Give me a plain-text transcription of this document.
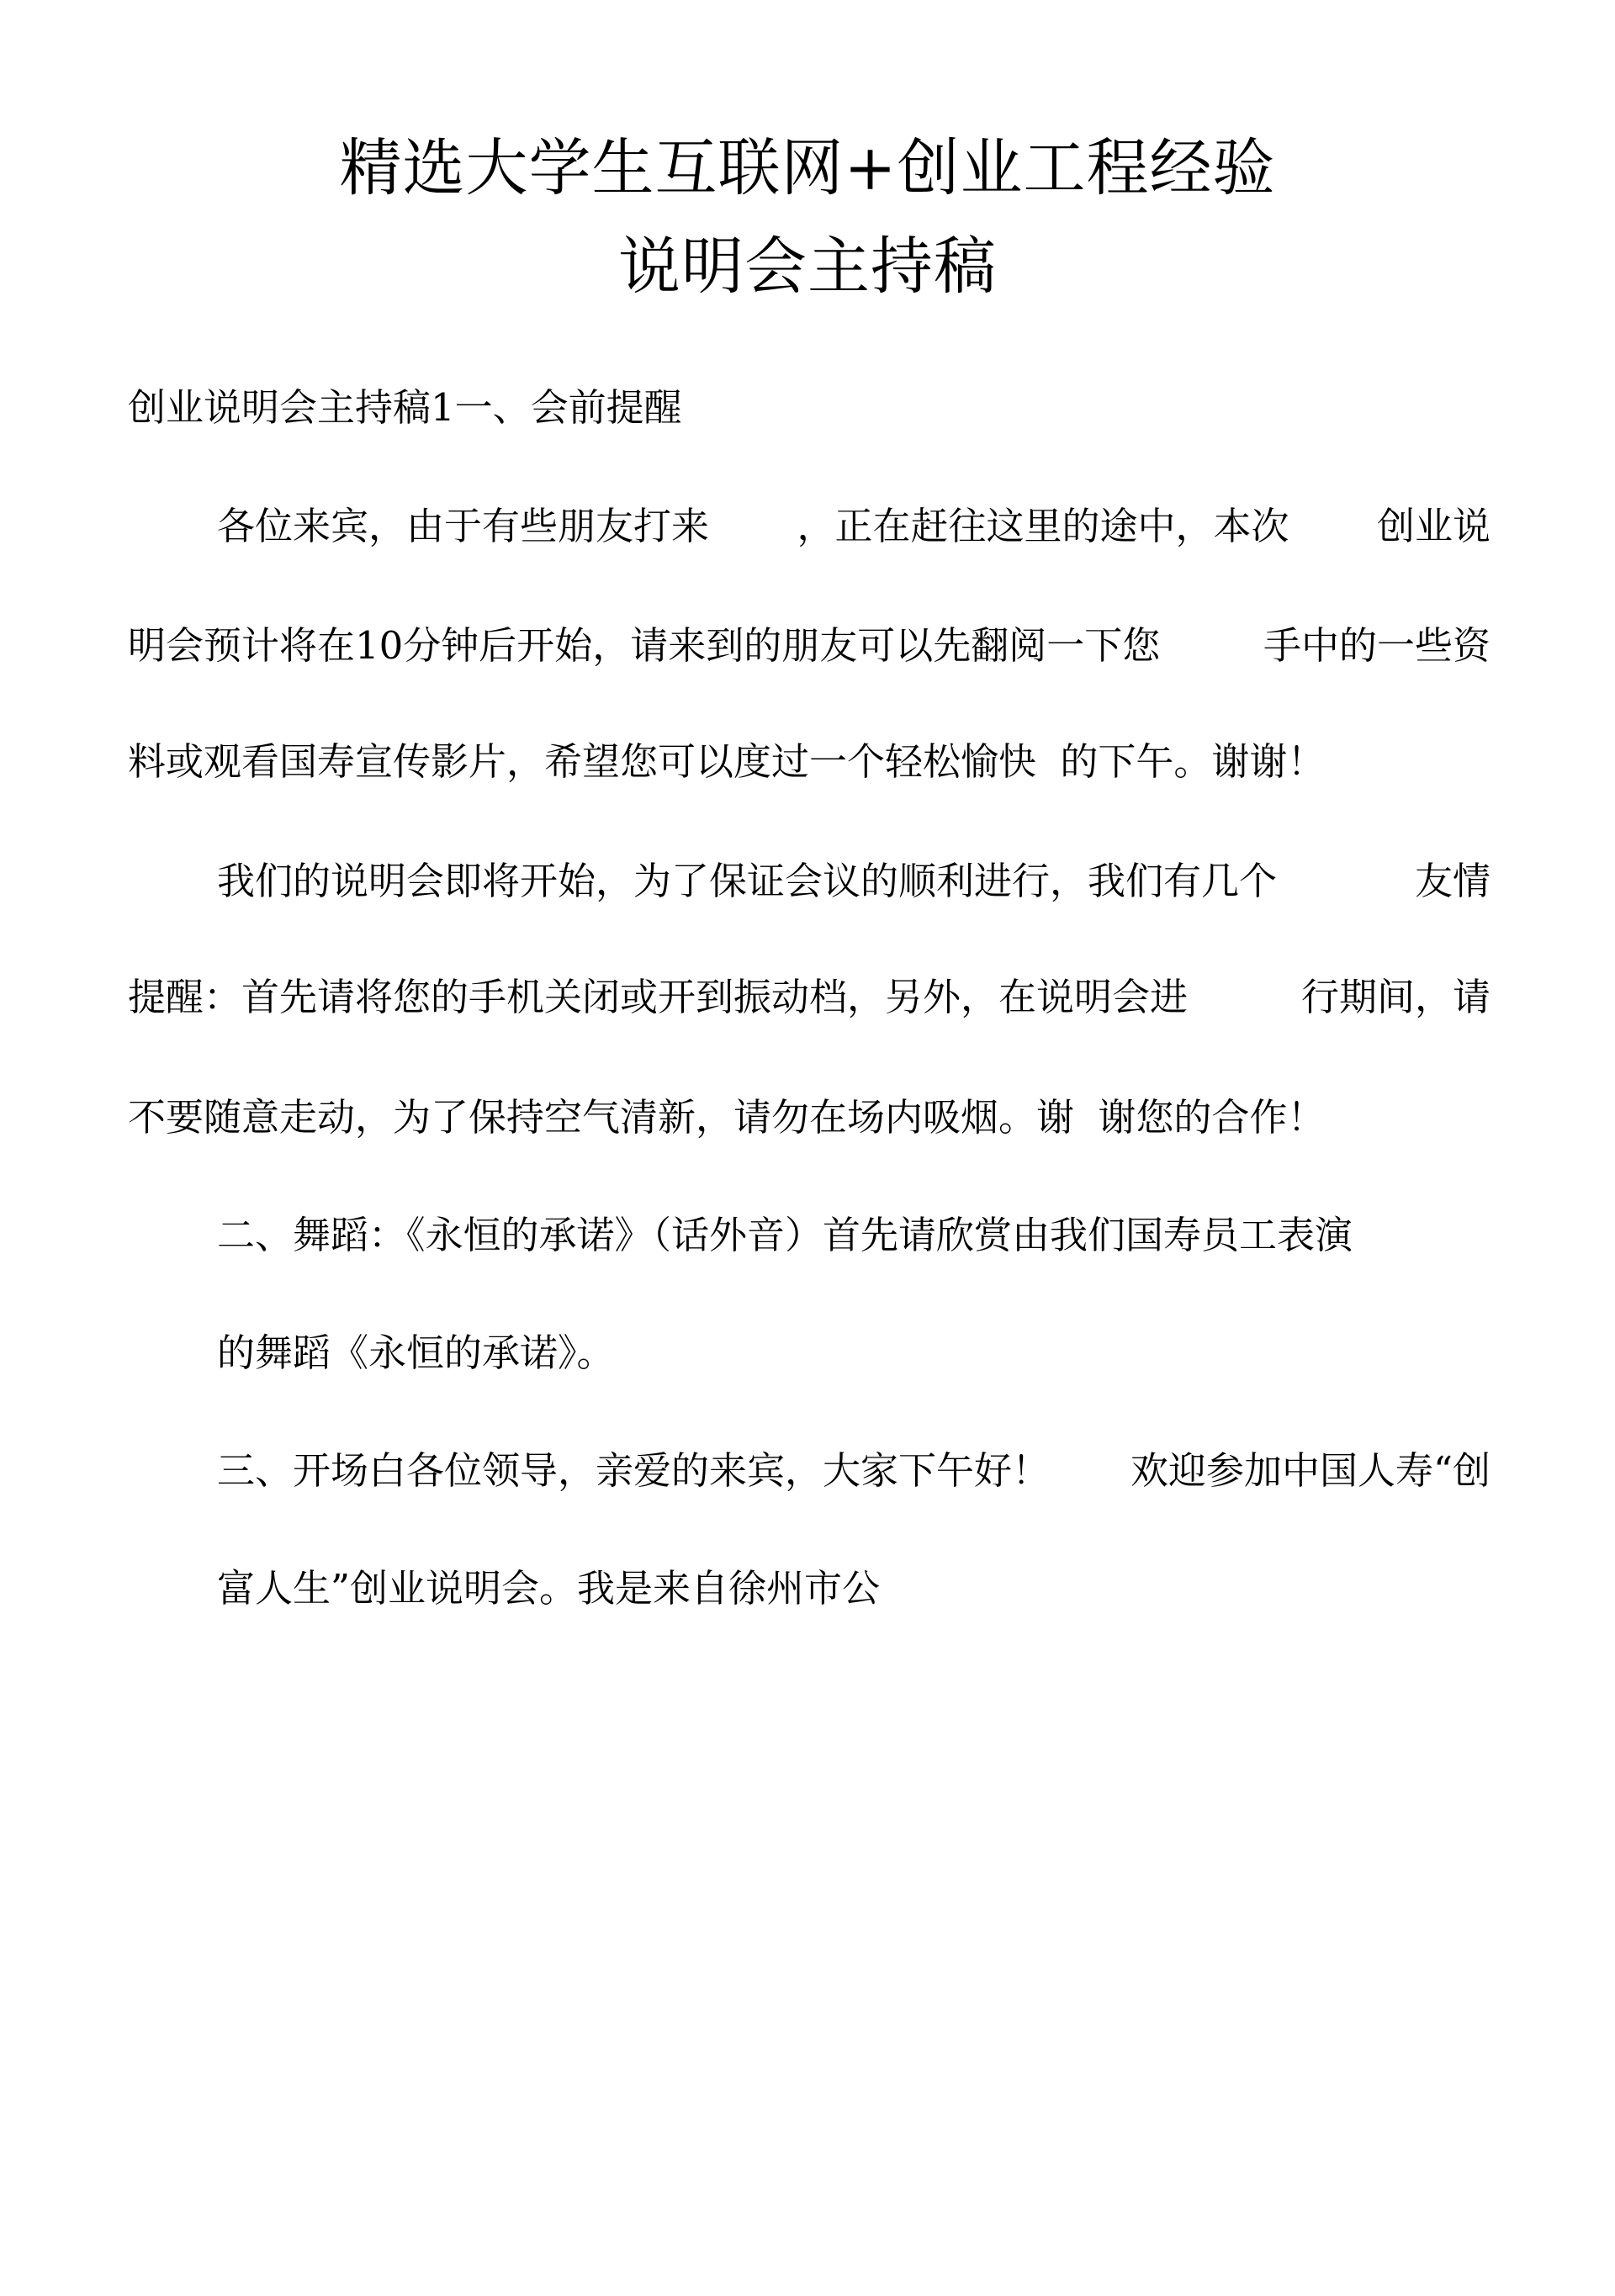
精选大学生互联网+创业工程经验
说明会主持稿
创业说明会主持稿1一、会前提醒
各位来宾，由于有些朋友打来 ，正在赶往这里的途中，本次 创业说
明会预计将在10分钟后开始，请来到的朋友可以先翻阅一下您	手中的一些资
料或观看国寿宣传影片，希望您可以度过一个轻松愉快 的下午。谢谢！
我们的说明会即将开始，为了保证会议的顺利进行，我们有几个	友情
提醒：首先请将您的手机关闭或开到振动档，另外，在说明会进	行期间，请
不要随意走动，为了保持空气清新，请勿在场内吸烟。谢 谢您的合作！
二、舞蹈：《永恒的承诺》（话外音）首先请欣赏由我们国寿员工表演
的舞蹈《永恒的承诺》。
三、开场白各位领导，亲爱的来宾，大家下午好！ 欢迎参加中国人寿“创
富人生”创业说明会。我是来自徐州市公
